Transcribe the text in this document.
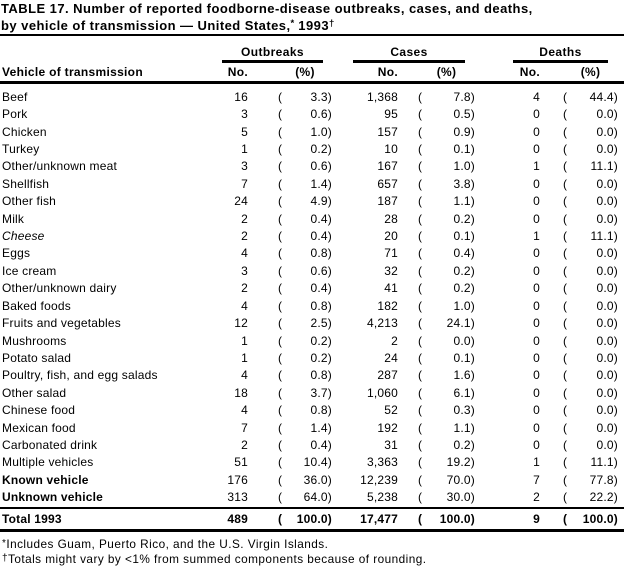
TABLE 17. Number of reported foodborne-disease outbreaks, cases, and deaths,
by vehicle of transmission — United States,* 1993†
Outbreaks	Cases	Deaths
Vehicle of transmission	No.	(%)	No.	(%)	No.	(%)
Beef	16	( 3.3)	1,368 (	7.8)	4 ( 44.4)
Pork	3	( 0.6)	95 (	0.5)	0 ( 0.0)
Chicken	5	( 1.0)	157 (	0.9)	0 ( 0.0)
Turkey	1	( 0.2)	10 (	0.1)	0 ( 0.0)
Other/unknown meat	3	( 0.6)	167 (	1.0)	1 ( 11.1)
Shellfish	7	( 1.4)	657 (	3.8)	0 ( 0.0)
Other fish	24	( 4.9)	187 (	1.1)	0 ( 0.0)
Milk	2	( 0.4)	28 (	0.2)	0 ( 0.0)
Cheese	2	( 0.4)	20 (	0.1)	1 ( 11.1)
Eggs	4	( 0.8)	71 (	0.4)	0 ( 0.0)
Ice cream	3	( 0.6)	32 (	0.2)	0 ( 0.0)
Other/unknown dairy	2	( 0.4)	41 (	0.2)	0 ( 0.0)
Baked foods	4	( 0.8)	182 (	1.0)	0 ( 0.0)
Fruits and vegetables	12	( 2.5)	4,213 ( 24.1)	0 ( 0.0)
Mushrooms	1	( 0.2)	2 (	0.0)	0 ( 0.0)
Potato salad	1	( 0.2)	24 (	0.1)	0 ( 0.0)
Poultry, fish, and egg salads	4	( 0.8)	287 (	1.6)	0 ( 0.0)
Other salad	18	( 3.7)	1,060 (	6.1)	0 ( 0.0)
Chinese food	4	( 0.8)	52 (	0.3)	0 ( 0.0)
Mexican food	7	( 1.4)	192 (	1.1)	0 ( 0.0)
Carbonated drink	2	( 0.4)	31 (	0.2)	0 ( 0.0)
Multiple vehicles	51	( 10.4)	3,363 ( 19.2)	1 ( 11.1)
Known vehicle	176	( 36.0)	12,239 ( 70.0)	7 ( 77.8)
Unknown vehicle	313	( 64.0)	5,238 ( 30.0)	2 ( 22.2)
Total 1993	489	( 100.0)	17,477 ( 100.0)	9 ( 100.0)
*Includes Guam, Puerto Rico, and the U.S. Virgin Islands.
†Totals might vary by <1% from summed components because of rounding.
